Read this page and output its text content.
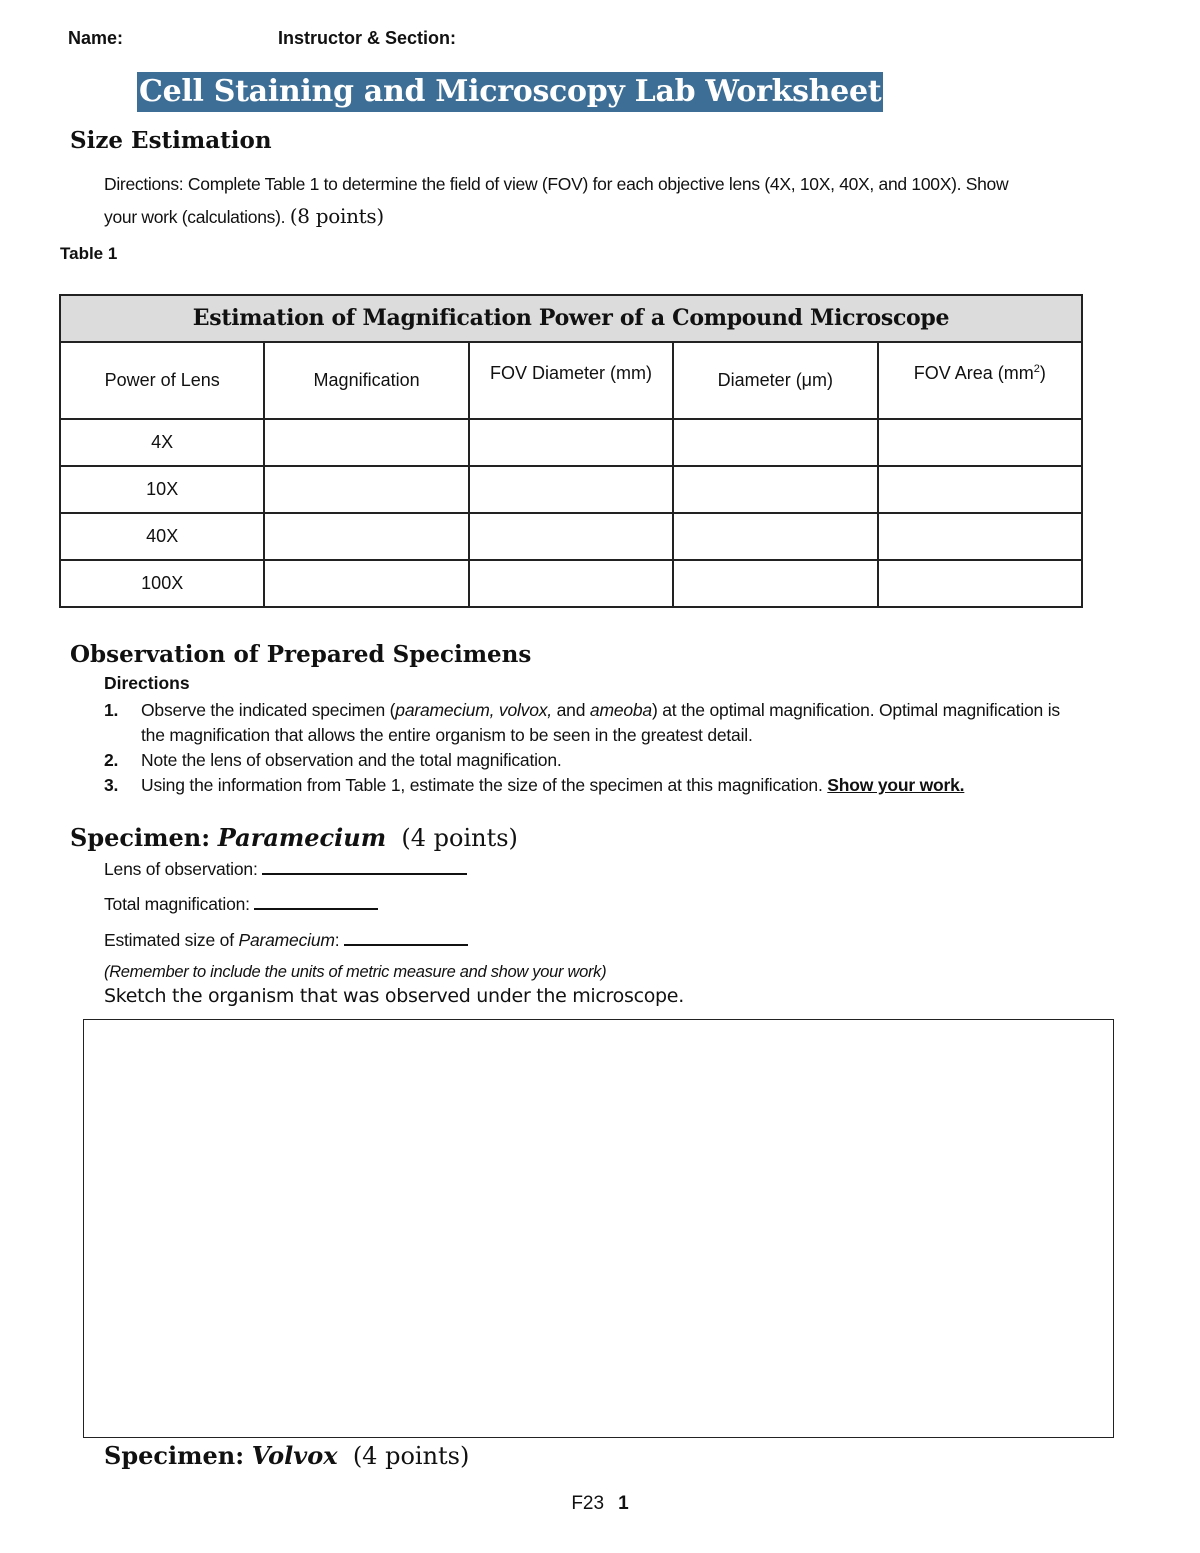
Name:	Instructor & Section:
Cell Staining and Microscopy Lab Worksheet
Size Estimation
Directions: Complete Table 1 to determine the field of view (FOV) for each objective lens (4X, 10X, 40X, and 100X). Show your work (calculations). (8 points)
Table 1
Estimation of Magnification Power of a Compound Microscope				
Power of Lens	Magnification	FOV Diameter (mm)	Diameter (μm)	FOV Area $(mm^2)$
4X				
10X				
40X				
100X				
Observation of Prepared Specimens
Directions
1. Observe the indicated specimen (paramecium, volvox, and ameoba) at the optimal magnification. Optimal magnification is the magnification that allows the entire organism to be seen in the greatest detail.
2. Note the lens of observation and the total magnification.
3. Using the information from Table 1, estimate the size of the specimen at this magnification. Show your work.
Specimen: Paramecium (4 points)
Lens of observation:
Total magnification:
Estimated size of Paramecium:
(Remember to include the units of metric measure and show your work)
Sketch the organism that was observed under the microscope.
Specimen: Volvox (4 points)
F23 1
